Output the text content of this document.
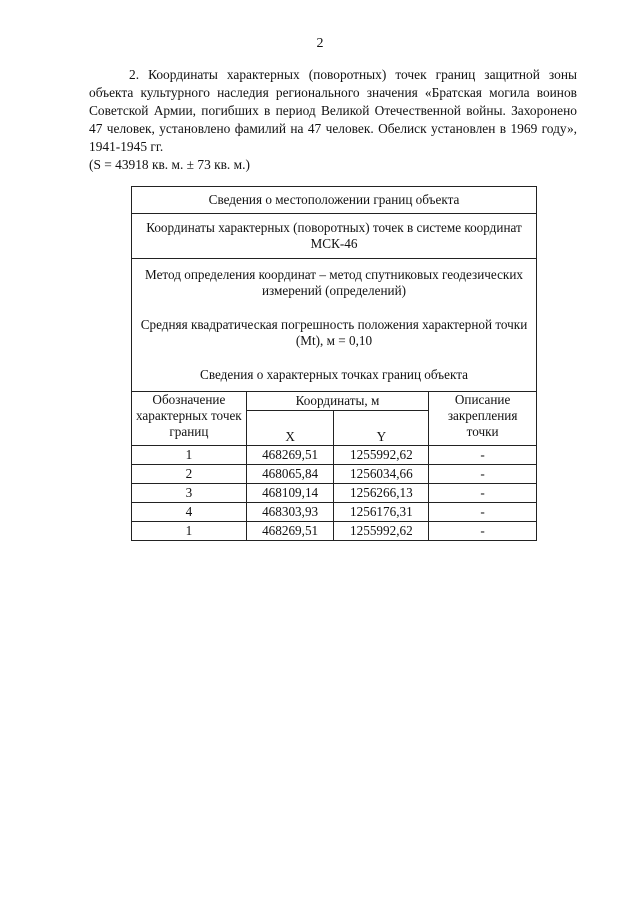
2

2. Координаты характерных (поворотных) точек границ защитной зоны объекта культурного наследия регионального значения «Братская могила воинов Советской Армии, погибших в период Великой Отечественной войны. Захоронено 47 человек, установлено фамилий на 47 человек. Обелиск установлен в 1969 году», 1941-1945 гг.

(S = 43918 кв. м. ± 73 кв. м.)
Сведения о местоположении границ объекта			
Координаты характерных (поворотных) точек в системе координат МСК-46			

Метод определения координат – метод спутниковых геодезических измерений (определений)
Средняя квадратическая погрешность положения характерной точки (Mt), м = 0,10
Сведения о характерных точках границ объекта			

Обозначение характерных точек границ	Координаты, м		Описание закрепления точки
	X	Y	
1	468269,51	1255992,62	-
2	468065,84	1256034,66	-
3	468109,14	1256266,13	-
4	468303,93	1256176,31	-
1	468269,51	1255992,62	-
